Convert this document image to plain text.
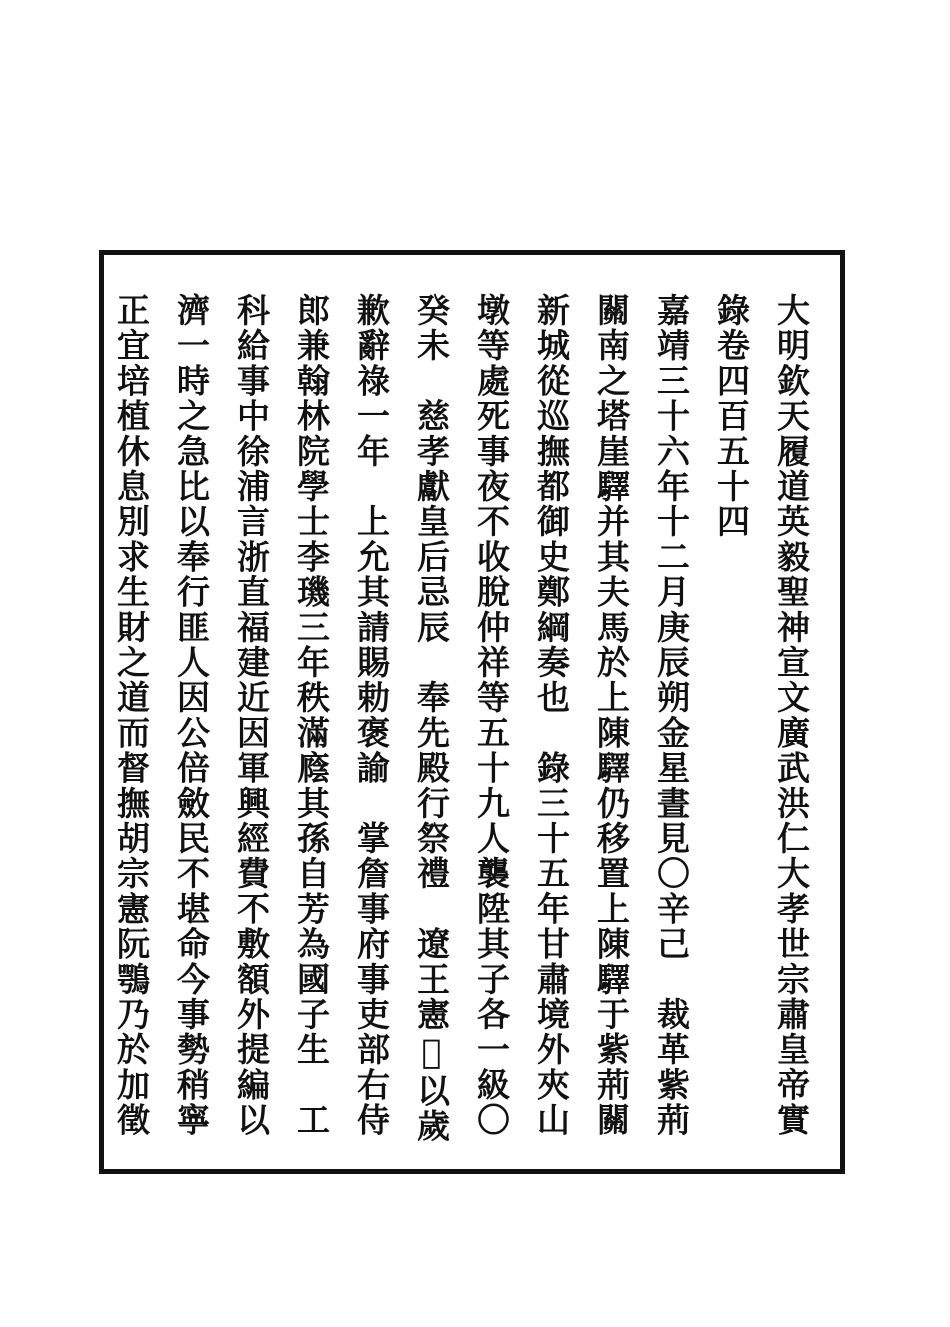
大明欽天履道英毅聖神宣文廣武洪仁大孝世宗肅皇帝實
錄卷四百五十四
嘉靖三十六年十二月庚辰朔金星晝見〇辛己　裁革紫荊
關南之塔崖驛并其夫馬於上陳驛仍移置上陳驛于紫荊關
新城從巡撫都御史鄭綱奏也　錄三十五年甘肅境外夾山
墩等處死事夜不收脫仲祥等五十九人襲陞其子各一級〇
癸未　慈孝獻皇后忌辰　奉先殿行祭禮　遼王憲𤇃以歲
歉辭祿一年　上允其請賜勅褒諭　掌詹事府事吏部右侍
郎兼翰林院學士李璣三年秩滿廕其孫自芳為國子生　工
科給事中徐浦言浙直福建近因軍興經費不敷額外提編以
濟一時之急比以奉行匪人因公倍斂民不堪命今事勢稍寧
正宜培植休息別求生財之道而督撫胡宗憲阮鶚乃於加徵
